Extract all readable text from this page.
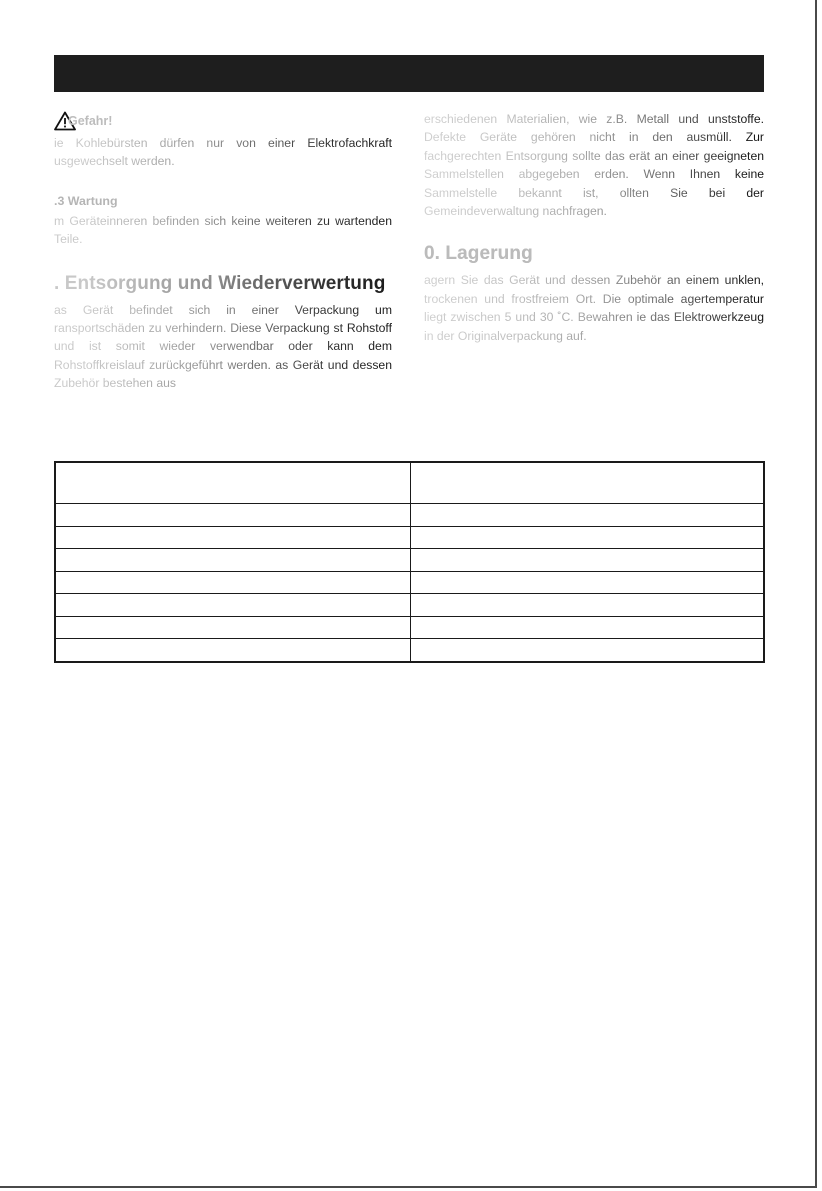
Gefahr!

ie Kohlebürsten dürfen nur von einer Elektrofachkraft usgewechselt werden.

.3 Wartung

m Geräteinneren befinden sich keine weiteren zu wartenden Teile.

. Entsorgung und Wiederverwertung

as Gerät befindet sich in einer Verpackung um ransportschäden zu verhindern. Diese Verpackung st Rohstoff und ist somit wieder verwendbar oder kann dem Rohstoffkreislauf zurückgeführt werden. as Gerät und dessen Zubehör bestehen aus

erschiedenen Materialien, wie z.B. Metall und unststoffe. Defekte Geräte gehören nicht in den ausmüll. Zur fachgerechten Entsorgung sollte das erät an einer geeigneten Sammelstellen abgegeben erden. Wenn Ihnen keine Sammelstelle bekannt ist, ollten Sie bei der Gemeindeverwaltung nachfragen.

0. Lagerung

agern Sie das Gerät und dessen Zubehör an einem unklen, trockenen und frostfreiem Ort. Die optimale agertemperatur liegt zwischen 5 und 30 ˚C. Bewahren ie das Elektrowerkzeug in der Originalverpackung auf.
